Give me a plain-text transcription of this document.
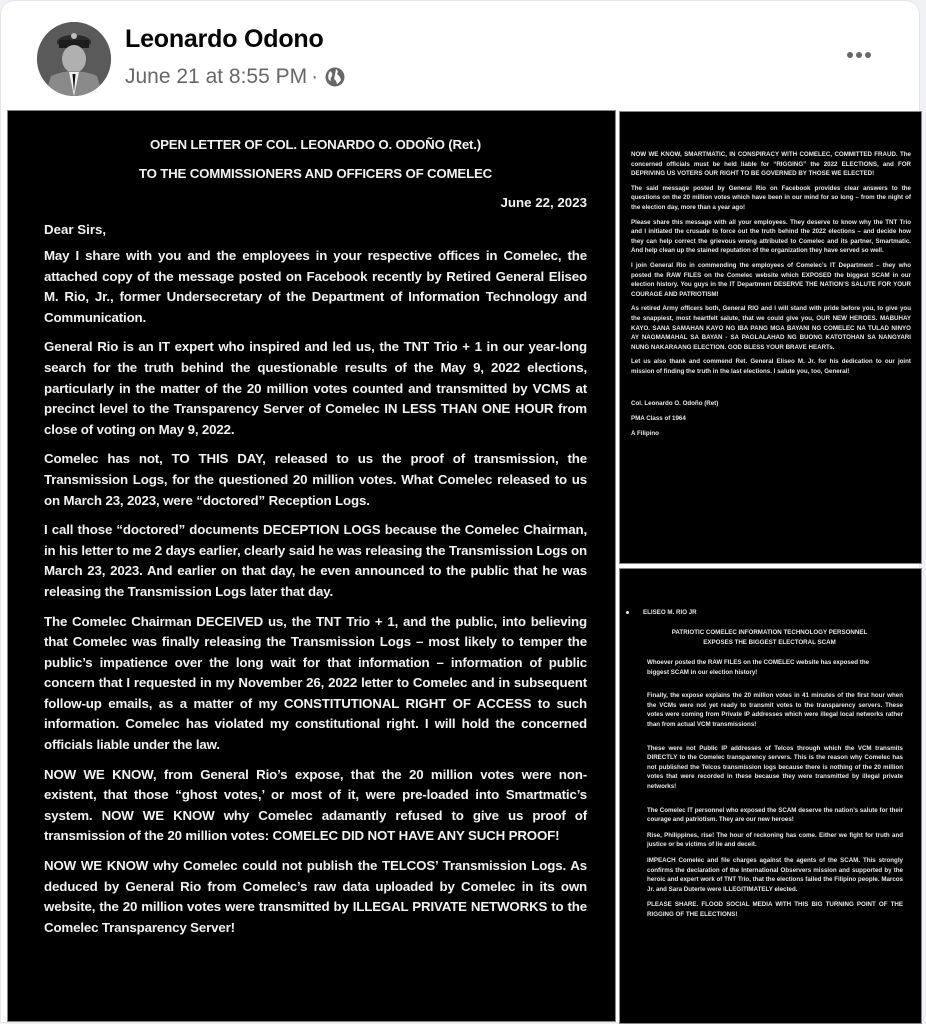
Leonardo Odono
June 21 at 8:55 PM ·

OPEN LETTER OF COL. LEONARDO O. ODOÑO (Ret.)

TO THE COMMISSIONERS AND OFFICERS OF COMELEC

June 22, 2023

Dear Sirs,

May I share with you and the employees in your respective offices in Comelec, the attached copy of the message posted on Facebook recently by Retired General Eliseo M. Rio, Jr., former Undersecretary of the Department of Information Technology and Communication.

General Rio is an IT expert who inspired and led us, the TNT Trio + 1 in our year-long search for the truth behind the questionable results of the May 9, 2022 elections, particularly in the matter of the 20 million votes counted and transmitted by VCMS at precinct level to the Transparency Server of Comelec IN LESS THAN ONE HOUR from close of voting on May 9, 2022.

Comelec has not, TO THIS DAY, released to us the proof of transmission, the Transmission Logs, for the questioned 20 million votes. What Comelec released to us on March 23, 2023, were “doctored” Reception Logs.

I call those “doctored” documents DECEPTION LOGS because the Comelec Chairman, in his letter to me 2 days earlier, clearly said he was releasing the Transmission Logs on March 23, 2023. And earlier on that day, he even announced to the public that he was releasing the Transmission Logs later that day.

The Comelec Chairman DECEIVED us, the TNT Trio + 1, and the public, into believing that Comelec was finally releasing the Transmission Logs – most likely to temper the public’s impatience over the long wait for that information – information of public concern that I requested in my November 26, 2022 letter to Comelec and in subsequent follow-up emails, as a matter of my CONSTITUTIONAL RIGHT OF ACCESS to such information. Comelec has violated my constitutional right. I will hold the concerned officials liable under the law.

NOW WE KNOW, from General Rio’s expose, that the 20 million votes were non-existent, that those “ghost votes,’ or most of it, were pre-loaded into Smartmatic’s system. NOW WE KNOW why Comelec adamantly refused to give us proof of transmission of the 20 million votes: COMELEC DID NOT HAVE ANY SUCH PROOF!

NOW WE KNOW why Comelec could not publish the TELCOS’ Transmission Logs. As deduced by General Rio from Comelec’s raw data uploaded by Comelec in its own website, the 20 million votes were transmitted by ILLEGAL PRIVATE NETWORKS to the Comelec Transparency Server!

NOW WE KNOW, SMARTMATIC, IN CONSPIRACY WITH COMELEC, COMMITTED FRAUD. The concerned officials must be held liable for “RIGGING” the 2022 ELECTIONS, and FOR DEPRIVING US VOTERS OUR RIGHT TO BE GOVERNED BY THOSE WE ELECTED!

The said message posted by General Rio on Facebook provides clear answers to the questions on the 20 million votes which have been in our mind for so long – from the night of the election day, more than a year ago!

Please share this message with all your employees. They deserve to know why the TNT Trio and I initiated the crusade to force out the truth behind the 2022 elections – and decide how they can help correct the grievous wrong attributed to Comelec and its partner, Smartmatic. And help clean up the stained reputation of the organization they have served so well.

I join General Rio in commending the employees of Comelec’s IT Department – they who posted the RAW FILES on the Comelec website which EXPOSED the biggest SCAM in our election history. You guys in the IT Department DESERVE THE NATION’S SALUTE FOR YOUR COURAGE AND PATRIOTISM!

As retired Army officers both, General RIO and I will stand with pride before you, to give you the snappiest, most heartfelt salute, that we could give you, OUR NEW HEROES. MABUHAY KAYO. SANA SAMAHAN KAYO NG IBA PANG MGA BAYANI NG COMELEC NA TULAD NINYO AY NAGMAMAHAL SA BAYAN - SA PAGLALAHAD NG BUONG KATOTOHAN SA NANGYARI NUNG NAKARAANG ELECTION. GOD BLESS YOUR BRAVE HEARTs.

Let us also thank and commend Ret. General Eliseo M. Jr. for his dedication to our joint mission of finding the truth in the last elections. I salute you, too, General!

Col. Leonardo O. Odoño (Ret)

PMA Class of 1964

A Filipino

ELISEO M. RIO JR

PATRIOTIC COMELEC INFORMATION TECHNOLOGY PERSONNEL
EXPOSES THE BIGGEST ELECTORAL SCAM

Whoever posted the RAW FILES on the COMELEC website has exposed the

biggest SCAM in our election history!

Finally, the expose explains the 20 million votes in 41 minutes of the first hour when the VCMs were not yet ready to transmit votes to the transparency servers. These votes were coming from Private IP addresses which were illegal local networks rather than from actual VCM transmissions!

These were not Public IP addresses of Telcos through which the VCM transmits DIRECTLY to the Comelec transparency servers. This is the reason why Comelec has not published the Telcos transmission logs because there is nothing of the 20 million votes that were recorded in these because they were transmitted by illegal private networks!

The Comelec IT personnel who exposed the SCAM deserve the nation’s salute for their courage and patriotism. They are our new heroes!

Rise, Philippines, rise! The hour of reckoning has come. Either we fight for truth and justice or be victims of lie and deceit.

IMPEACH Comelec and file charges against the agents of the SCAM. This strongly confirms the declaration of the International Observers mission and supported by the heroic and expert work of TNT Trio, that the elections failed the Filipino people. Marcos Jr. and Sara Duterte were ILLEGITIMATELY elected.

PLEASE SHARE. FLOOD SOCIAL MEDIA WITH THIS BIG TURNING POINT OF THE RIGGING OF THE ELECTIONS!
